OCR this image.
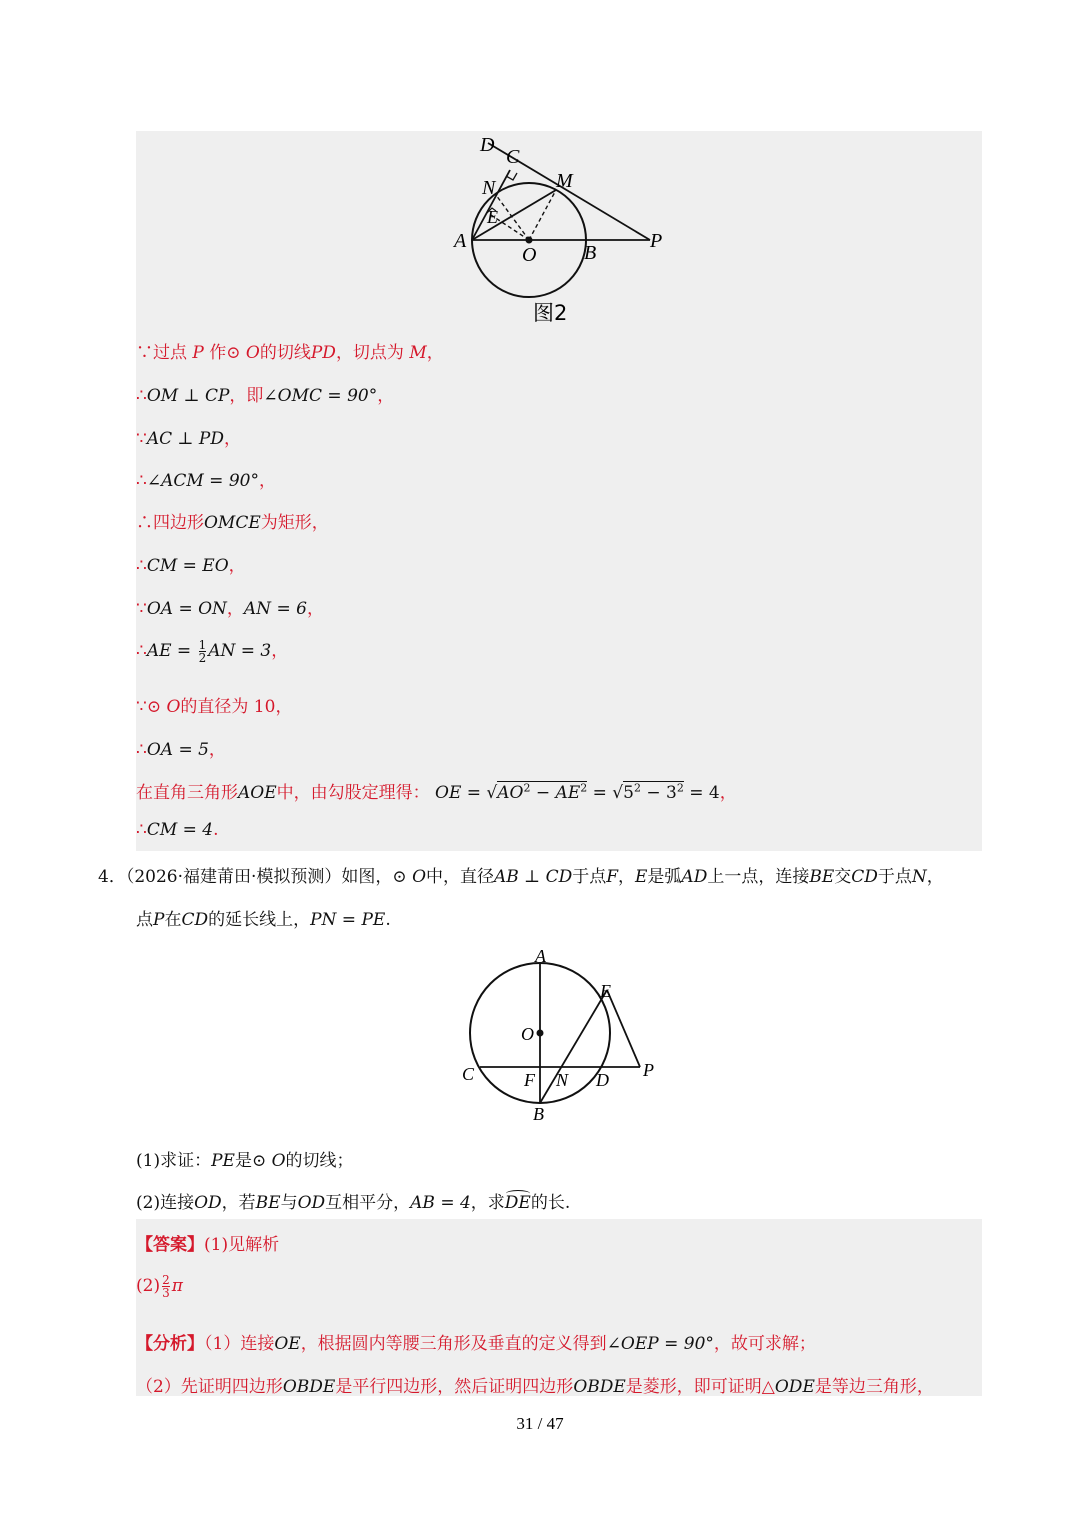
D
C
M
N
E
A
O B
P
图2
∵过点 P 作⊙ O的切线PD，切点为 M，
∴OM ⊥ CP，即∠OMC = 90°，
∵AC ⊥ PD，
∴∠ACM = 90°，
∴四边形OMCE为矩形，
∴CM = EO，
∵OA = ON，AN = 6，
∴AE = $\frac{1}{2}$ AN = 3，
∵⊙ O的直径为 10，
∴OA = 5，
在直角三角形AOE中，由勾股定理得： OE = $√AO^2 - AE^2 = √5^2 - 3^2 = 4$，
∴CM = 4.
4．（2026·福建莆田·模拟预测）如图，⊙ O中，直径AB ⊥ CD于点F，E是弧AD上一点，连接BE交CD于点N，
点P在CD的延长线上，PN = PE.
A
E
O
C	F N D P
B
(1)求证：PE是⊙ O的切线；
(2)连接OD，若BE与OD互相平分，AB = 4，求DE的长.
【答案】(1)见解析
$(2) \frac{2}{3}$ π
【分析】（1）连接OE，根据圆内等腰三角形及垂直的定义得到∠OEP = 90°，故可求解；
（2）先证明四边形OBDE是平行四边形，然后证明四边形OBDE是菱形，即可证明△ODE是等边三角形，
31 / 47
